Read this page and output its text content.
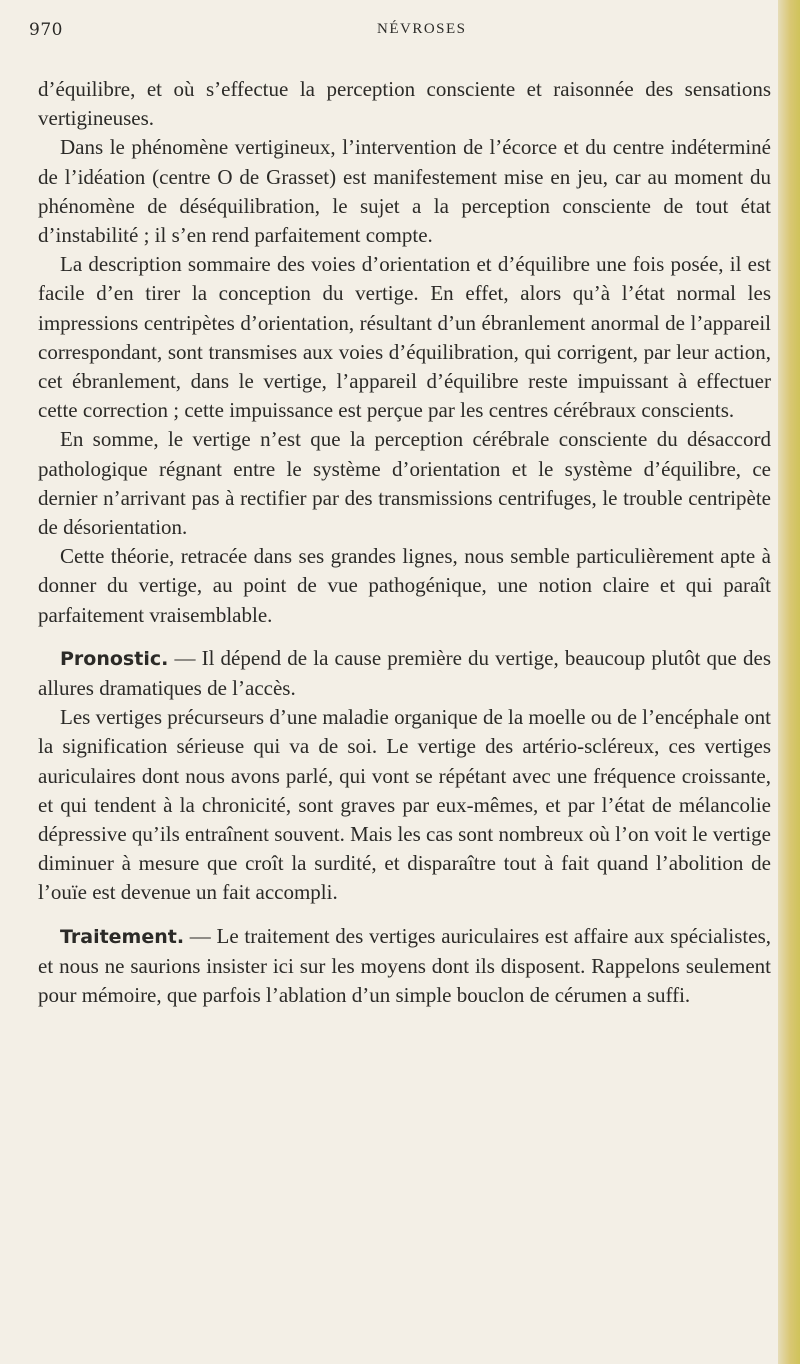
970	NÉVROSES

d’équilibre, et où s’effectue la perception consciente et raisonnée des sensations vertigineuses.

Dans le phénomène vertigineux, l’intervention de l’écorce et du centre indéterminé de l’idéation (centre O de Grasset) est manifestement mise en jeu, car au moment du phénomène de déséquilibration, le sujet a la perception consciente de tout état d’instabilité ; il s’en rend parfaitement compte.

La description sommaire des voies d’orientation et d’équilibre une fois posée, il est facile d’en tirer la conception du vertige. En effet, alors qu’à l’état normal les impressions centripètes d’orientation, résultant d’un ébranlement anormal de l’appareil correspondant, sont transmises aux voies d’équilibration, qui corrigent, par leur action, cet ébranlement, dans le vertige, l’appareil d’équilibre reste impuissant à effectuer cette correction ; cette impuissance est perçue par les centres cérébraux conscients.

En somme, le vertige n’est que la perception cérébrale consciente du désaccord pathologique régnant entre le système d’orientation et le système d’équilibre, ce dernier n’arrivant pas à rectifier par des transmissions centrifuges, le trouble centripète de désorientation.

Cette théorie, retracée dans ses grandes lignes, nous semble particulièrement apte à donner du vertige, au point de vue pathogénique, une notion claire et qui paraît parfaitement vraisemblable.

Pronostic. — Il dépend de la cause première du vertige, beaucoup plutôt que des allures dramatiques de l’accès.

Les vertiges précurseurs d’une maladie organique de la moelle ou de l’encéphale ont la signification sérieuse qui va de soi. Le vertige des artério-scléreux, ces vertiges auriculaires dont nous avons parlé, qui vont se répétant avec une fréquence croissante, et qui tendent à la chronicité, sont graves par eux-mêmes, et par l’état de mélancolie dépressive qu’ils entraînent souvent. Mais les cas sont nombreux où l’on voit le vertige diminuer à mesure que croît la surdité, et disparaître tout à fait quand l’abolition de l’ouïe est devenue un fait accompli.

Traitement. — Le traitement des vertiges auriculaires est affaire aux spécialistes, et nous ne saurions insister ici sur les moyens dont ils disposent. Rappelons seulement pour mémoire, que parfois l’ablation d’un simple bouclon de cérumen a suffi.
